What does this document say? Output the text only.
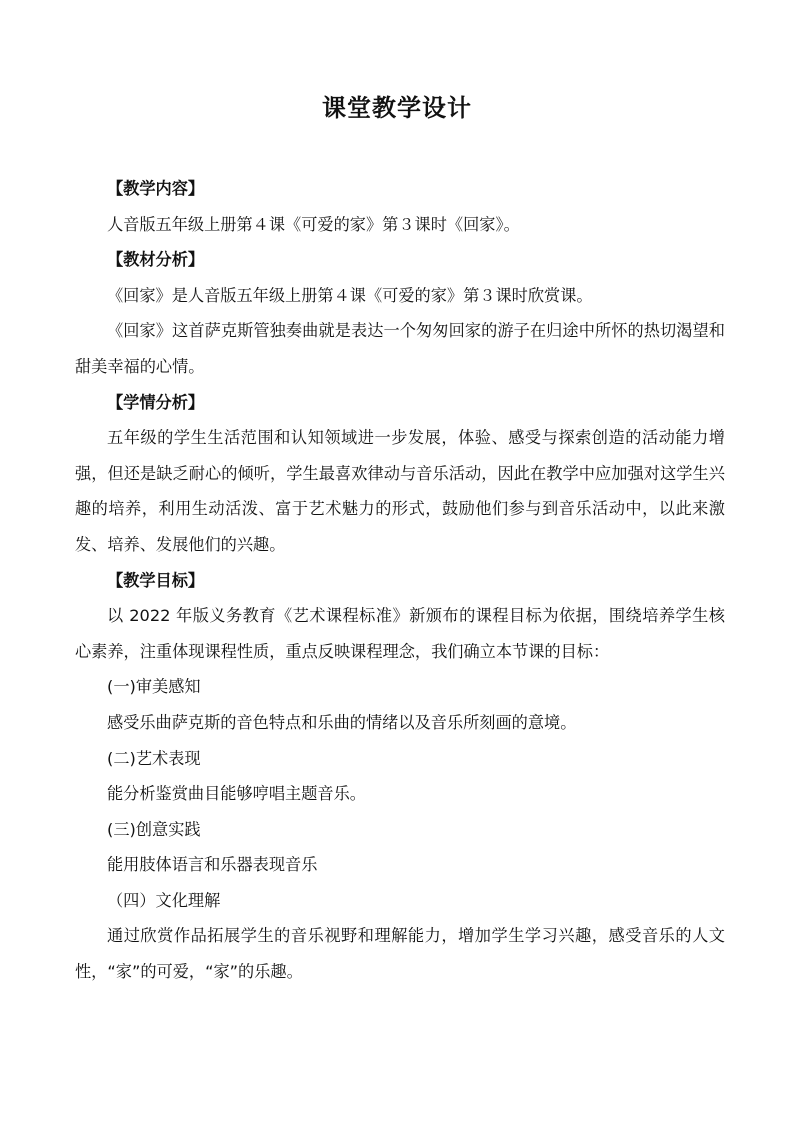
课堂教学设计
【教学内容】
人音版五年级上册第４课《可爱的家》第３课时《回家》。
【教材分析】
《回家》是人音版五年级上册第４课《可爱的家》第３课时欣赏课。
《回家》这首萨克斯管独奏曲就是表达一个匆匆回家的游子在归途中所怀的热切渴望和甜美幸福的心情。
【学情分析】
五年级的学生生活范围和认知领域进一步发展，体验、感受与探索创造的活动能力增强，但还是缺乏耐心的倾听，学生最喜欢律动与音乐活动，因此在教学中应加强对这学生兴趣的培养，利用生动活泼、富于艺术魅力的形式，鼓励他们参与到音乐活动中，以此来激发、培养、发展他们的兴趣。
【教学目标】
以 2022 年版义务教育《艺术课程标准》新颁布的课程目标为依据，围绕培养学生核心素养，注重体现课程性质，重点反映课程理念，我们确立本节课的目标：
(一)审美感知
感受乐曲萨克斯的音色特点和乐曲的情绪以及音乐所刻画的意境。
(二)艺术表现
能分析鉴赏曲目能够哼唱主题音乐。
(三)创意实践
能用肢体语言和乐器表现音乐
（四）文化理解
通过欣赏作品拓展学生的音乐视野和理解能力，增加学生学习兴趣，感受音乐的人文性，“家”的可爱，“家”的乐趣。
